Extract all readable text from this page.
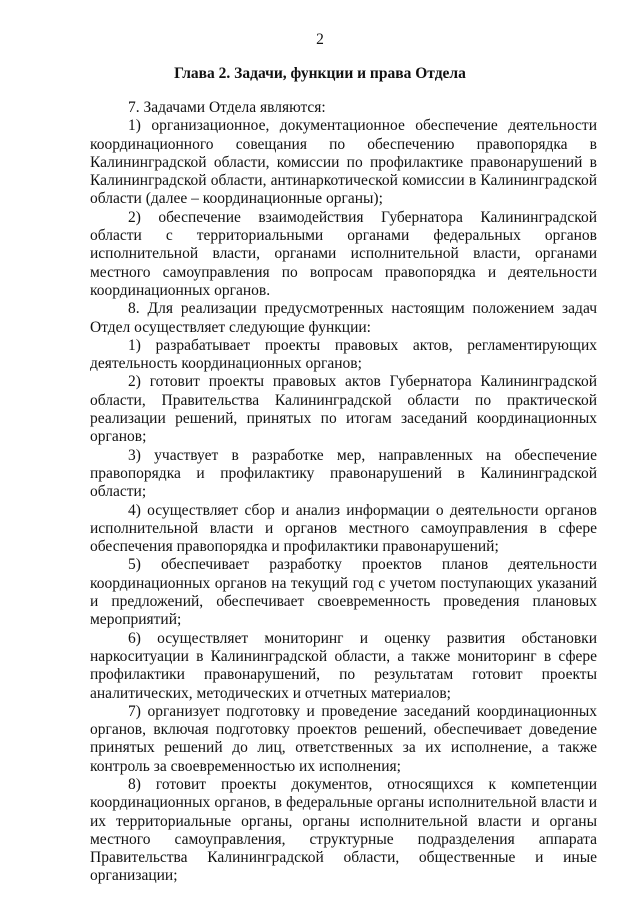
2
Глава 2. Задачи, функции и права Отдела

7. Задачами Отдела являются:

1) организационное, документационное обеспечение деятельности координационного совещания по обеспечению правопорядка в Калининградской области, комиссии по профилактике правонарушений в Калининградской области, антинаркотической комиссии в Калининградской области (далее – координационные органы);

2) обеспечение взаимодействия Губернатора Калининградской области с территориальными органами федеральных органов исполнительной власти, органами исполнительной власти, органами местного самоуправления по вопросам правопорядка и деятельности координационных органов.

8. Для реализации предусмотренных настоящим положением задач Отдел осуществляет следующие функции:

1) разрабатывает проекты правовых актов, регламентирующих деятельность координационных органов;

2) готовит проекты правовых актов Губернатора Калининградской области, Правительства Калининградской области по практической реализации решений, принятых по итогам заседаний координационных органов;

3) участвует в разработке мер, направленных на обеспечение правопорядка и профилактику правонарушений в Калининградской области;

4) осуществляет сбор и анализ информации о деятельности органов исполнительной власти и органов местного самоуправления в сфере обеспечения правопорядка и профилактики правонарушений;

5) обеспечивает разработку проектов планов деятельности координационных органов на текущий год с учетом поступающих указаний и предложений, обеспечивает своевременность проведения плановых мероприятий;

6) осуществляет мониторинг и оценку развития обстановки наркоситуации в Калининградской области, а также мониторинг в сфере профилактики правонарушений, по результатам готовит проекты аналитических, методических и отчетных материалов;

7) организует подготовку и проведение заседаний координационных органов, включая подготовку проектов решений, обеспечивает доведение принятых решений до лиц, ответственных за их исполнение, а также контроль за своевременностью их исполнения;

8) готовит проекты документов, относящихся к компетенции координационных органов, в федеральные органы исполнительной власти и их территориальные органы, органы исполнительной власти и органы местного самоуправления, структурные подразделения аппарата Правительства Калининградской области, общественные и иные организации;
